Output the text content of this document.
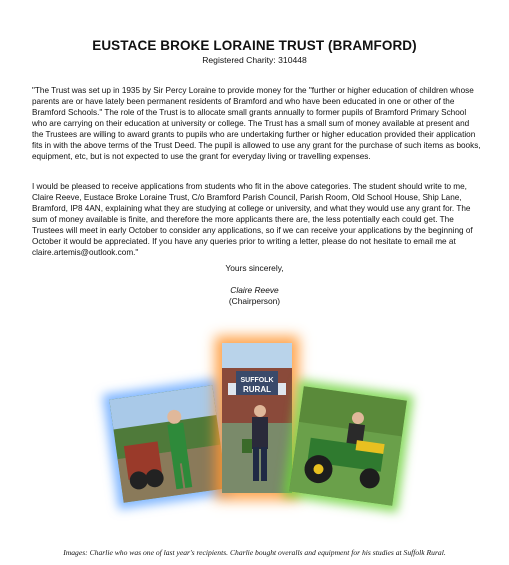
EUSTACE BROKE LORAINE TRUST (BRAMFORD)
Registered Charity: 310448

"The Trust was set up in 1935 by Sir Percy Loraine to provide money for the "further or higher education of children whose parents are or have lately been permanent residents of Bramford and who have been educated in one or other of the Bramford Schools." The role of the Trust is to allocate small grants annually to former pupils of Bramford Primary School who are carrying on their education at university or college. The Trust has a small sum of money available at present and the Trustees are willing to award grants to pupils who are undertaking further or higher education provided their application fits in with the above terms of the Trust Deed. The pupil is allowed to use any grant for the purchase of such items as books, equipment, etc, but is not expected to use the grant for everyday living or travelling expenses.

I would be pleased to receive applications from students who fit in the above categories. The student should write to me, Claire Reeve, Eustace Broke Loraine Trust, C/o Bramford Parish Council, Parish Room, Old School House, Ship Lane, Bramford, IP8 4AN, explaining what they are studying at college or university, and what they would use any grant for. The sum of money available is finite, and therefore the more applicants there are, the less potentially each could get. The Trustees will meet in early October to consider any applications, so if we can receive your applications by the beginning of October it would be appreciated. If you have any queries prior to writing a letter, please do not hesitate to email me at claire.artemis@outlook.com."

Yours sincerely,
Claire Reeve
(Chairperson)
SUFFOLK
RURAL
Images: Charlie who was one of last year's recipients. Charlie bought overalls and equipment for his studies at Suffolk Rural.
